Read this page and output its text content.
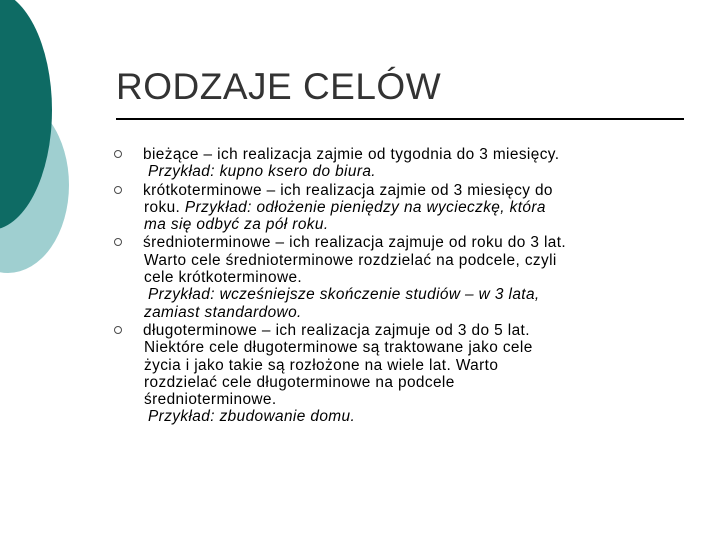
RODZAJE CELÓW
bieżące – ich realizacja zajmie od tygodnia do 3 miesięcy.
Przykład: kupno ksero do biura.
krótkoterminowe – ich realizacja zajmie od 3 miesięcy do
roku. Przykład: odłożenie pieniędzy na wycieczkę, która
ma się odbyć za pół roku.
średnioterminowe – ich realizacja zajmuje od roku do 3 lat.
Warto cele średnioterminowe rozdzielać na podcele, czyli
cele krótkoterminowe.
Przykład: wcześniejsze skończenie studiów – w 3 lata,
zamiast standardowo.
długoterminowe – ich realizacja zajmuje od 3 do 5 lat.
Niektóre cele długoterminowe są traktowane jako cele
życia i jako takie są rozłożone na wiele lat. Warto
rozdzielać cele długoterminowe na podcele
średnioterminowe.
Przykład: zbudowanie domu.
